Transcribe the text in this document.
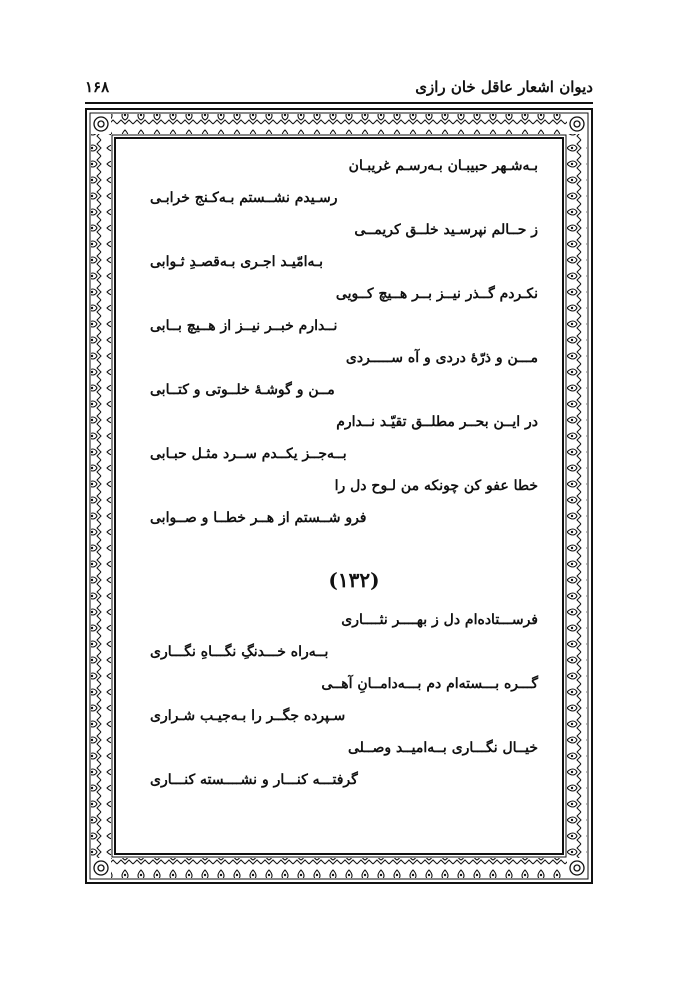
دیوان اشعار عاقل خان رازی
۱۶۸
بـه‌شـهر حبیبـان بـه‌رسـم غریبـان
رسـیدم نشــستم بـه‌کـنج خرابـی
ز حــالم نپرسـید خلــق کریمــی
بـه‌امّیـد اجـری بـه‌قصـدِ ثـوابی
نکـردم گــذر نیــز بــر هــیچ کــویی
نــدارم خبــر نیــز از هــیچ بــابی
مـــن و ذرّهٔ دردی و آه ســـــردی
مــن و گوشـهٔ خلــوتی و کتــابی
در ایــن بحــر مطلــق تقیّـد نــدارم
بــه‌جــز یکــدم ســرد مثـل حبـابی
خطا عفو کن چونکه من لـوح دل را
فرو شــستم از هــر خطــا و صــوابی
(۱۳۲)
فرســـتاده‌ام دل ز بهــــر نثــــاری
بــه‌راه خـــدنگِ نگـــاهِ نگـــاری
گـــره بـــسته‌ام دم بـــه‌دامــانِ آهــی
سـپرده جگــر را بـه‌جیـب شـراری
خیــال نگـــاری بــه‌امیــد وصــلی
گرفتـــه کنـــار و نشــــسته کنـــاری
